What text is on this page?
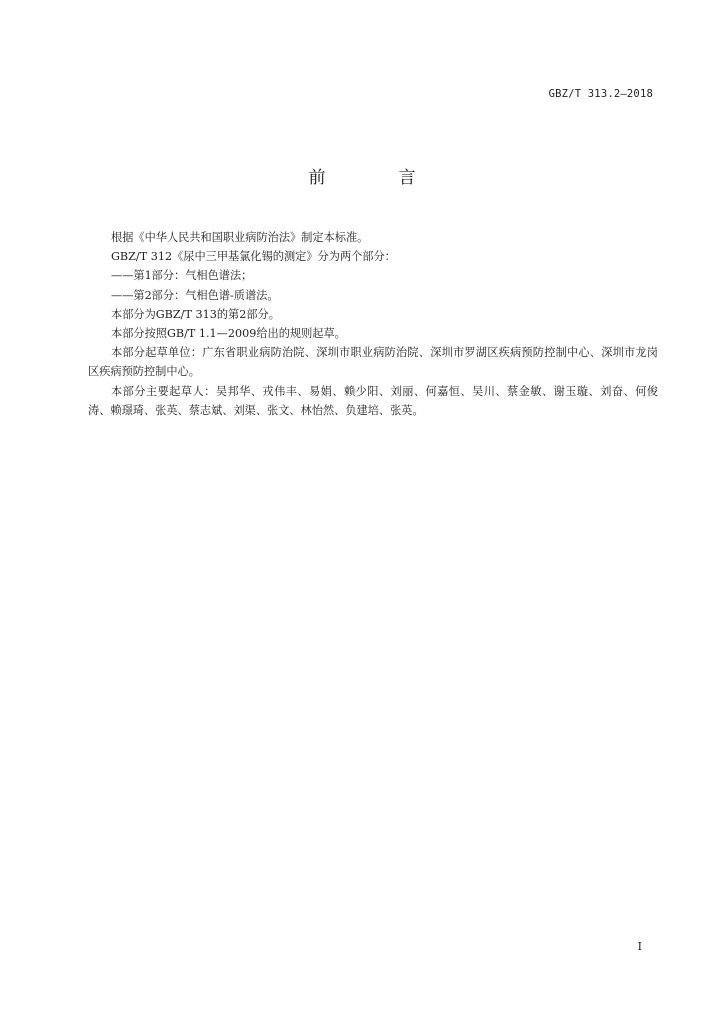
GBZ/T 313.2—2018
前　言

根据《中华人民共和国职业病防治法》制定本标准。

GBZ/T 312《尿中三甲基氯化锡的测定》分为两个部分：

——第1部分：气相色谱法；

——第2部分：气相色谱-质谱法。

本部分为GBZ/T 313的第2部分。

本部分按照GB/T 1.1—2009给出的规则起草。

本部分起草单位：广东省职业病防治院、深圳市职业病防治院、深圳市罗湖区疾病预防控制中心、深圳市龙岗区疾病预防控制中心。

本部分主要起草人：吴邦华、戎伟丰、易娟、赖少阳、刘丽、何嘉恒、吴川、蔡金敏、谢玉璇、刘奋、何俊涛、赖璟琦、张英、蔡志斌、刘渠、张文、林怡然、负建培、张英。

I
